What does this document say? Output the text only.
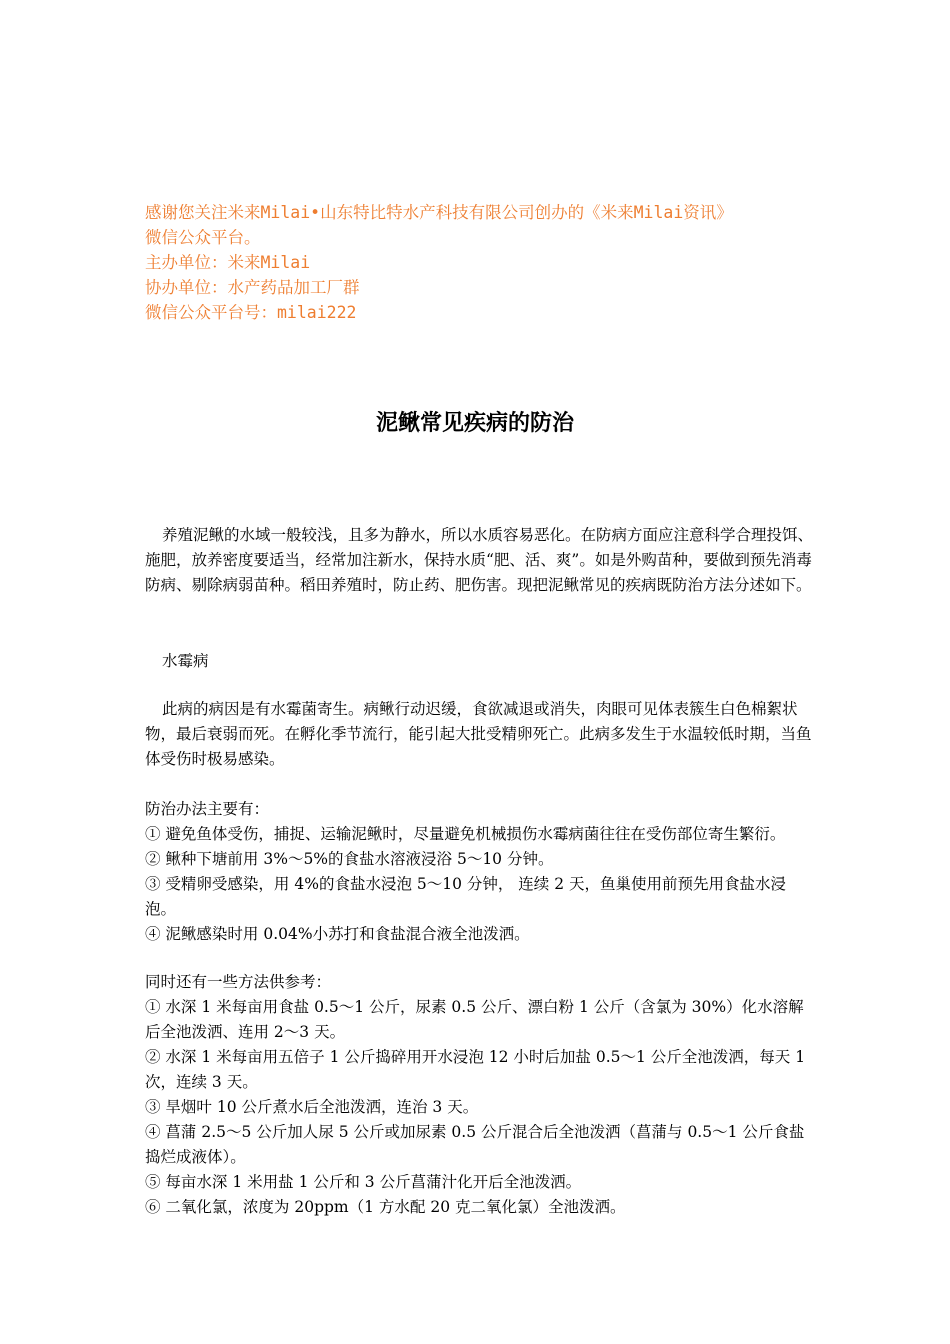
感谢您关注米来Milai•山东特比特水产科技有限公司创办的《米来Milai资讯》
微信公众平台。
主办单位：米来Milai
协办单位：水产药品加工厂群
微信公众平台号：milai222
泥鳅常见疾病的防治
养殖泥鳅的水域一般较浅，且多为静水，所以水质容易恶化。在防病方面应注意科学合理投饵、施肥，放养密度要适当，经常加注新水，保持水质“肥、活、爽”。如是外购苗种，要做到预先消毒防病、剔除病弱苗种。稻田养殖时，防止药、肥伤害。现把泥鳅常见的疾病既防治方法分述如下。
水霉病
此病的病因是有水霉菌寄生。病鳅行动迟缓，食欲减退或消失，肉眼可见体表簇生白色棉絮状物，最后衰弱而死。在孵化季节流行，能引起大批受精卵死亡。此病多发生于水温较低时期，当鱼体受伤时极易感染。
防治办法主要有：
① 避免鱼体受伤，捕捉、运输泥鳅时，尽量避免机械损伤水霉病菌往往在受伤部位寄生繁衍。
② 鳅种下塘前用 3%～5%的食盐水溶液浸浴 5～10 分钟。
③ 受精卵受感染，用 4%的食盐水浸泡 5～10 分钟， 连续 2 天，鱼巢使用前预先用食盐水浸泡。
④ 泥鳅感染时用 0.04%小苏打和食盐混合液全池泼洒。
同时还有一些方法供参考：
① 水深 1 米每亩用食盐 0.5～1 公斤，尿素 0.5 公斤、漂白粉 1 公斤（含氯为 30%）化水溶解后全池泼洒、连用 2～3 天。
② 水深 1 米每亩用五倍子 1 公斤捣碎用开水浸泡 12 小时后加盐 0.5～1 公斤全池泼洒，每天 1 次，连续 3 天。
③ 旱烟叶 10 公斤煮水后全池泼洒，连治 3 天。
④ 菖蒲 2.5～5 公斤加人尿 5 公斤或加尿素 0.5 公斤混合后全池泼洒（菖蒲与 0.5～1 公斤食盐捣烂成液体）。
⑤ 每亩水深 1 米用盐 1 公斤和 3 公斤菖蒲汁化开后全池泼洒。
⑥ 二氧化氯，浓度为 20ppm（1 方水配 20 克二氧化氯）全池泼洒。
